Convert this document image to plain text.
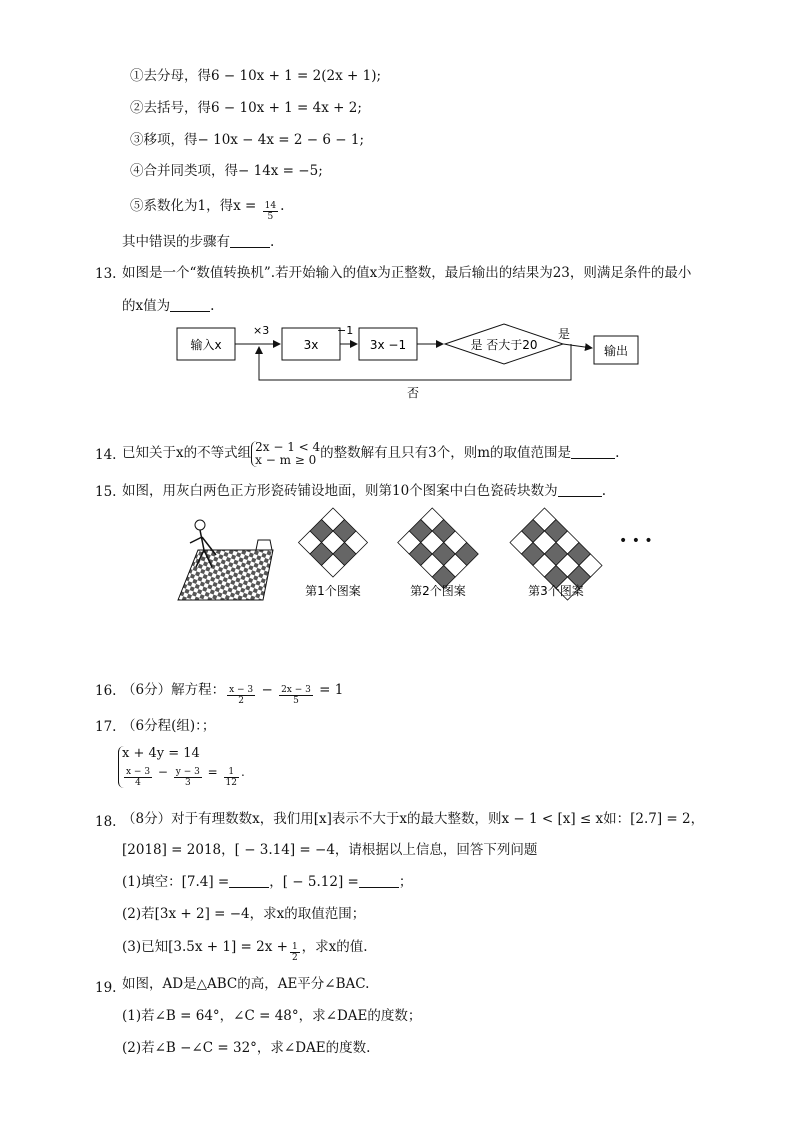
①去分母，得6 − 10x + 1 = 2(2x + 1);
②去括号，得6 − 10x + 1 = 4x + 2;
③移项，得− 10x − 4x = 2 − 6 − 1;
④合并同类项，得− 14x = −5;
⑤系数化为1，得$x = \frac{14}{5}$ .
其中错误的步骤有	.
13. 如图是一个“数值转换机”.若开始输入的值x为正整数，最后输出的结果为23，则满足条件的最小
的x值为	.
输入x
×3
3x
−1
3x −1	是 否大于20
是
输出
否
14. 已知关于x的不等式组 2x − 1 < 4
x − m ≥ 0 的整数解有且只有3个，则m的取值范围是	.
15. 如图，用灰白两色正方形瓷砖铺设地面，则第10个图案中白色瓷砖块数为	.
• • •
第1个图案	第2个图案	第3个图案
16. （6分）解方程： $\frac{x - 3}{2} - \frac{2x - 3}{5} = 1$
17. （6分程(组)：；
x + 4y = 14
$\frac{x - 3}{4} - \frac{y - 3}{3} = \frac{1}{12}$ .
18. （8分）对于有理数数x，我们用[x]表示不大于x的最大整数，则x − 1 < [x] ≤ x如：[2.7] = 2，
[2018] = 2018，[ − 3.14] = −4，请根据以上信息，回答下列问题
(1)填空：[7.4] =	，[ − 5.12] =	；
(2)若[3x + 2] = −4，求x的取值范围；
(3)已知$[3.5x + 1] = 2x + \frac{1}{2}$ ，求x的值.
19. 如图，AD是△ABC的高，AE平分∠BAC.
(1)若∠B = 64°，∠C = 48°，求∠DAE的度数；
(2)若∠B −∠C = 32°，求∠DAE的度数.
